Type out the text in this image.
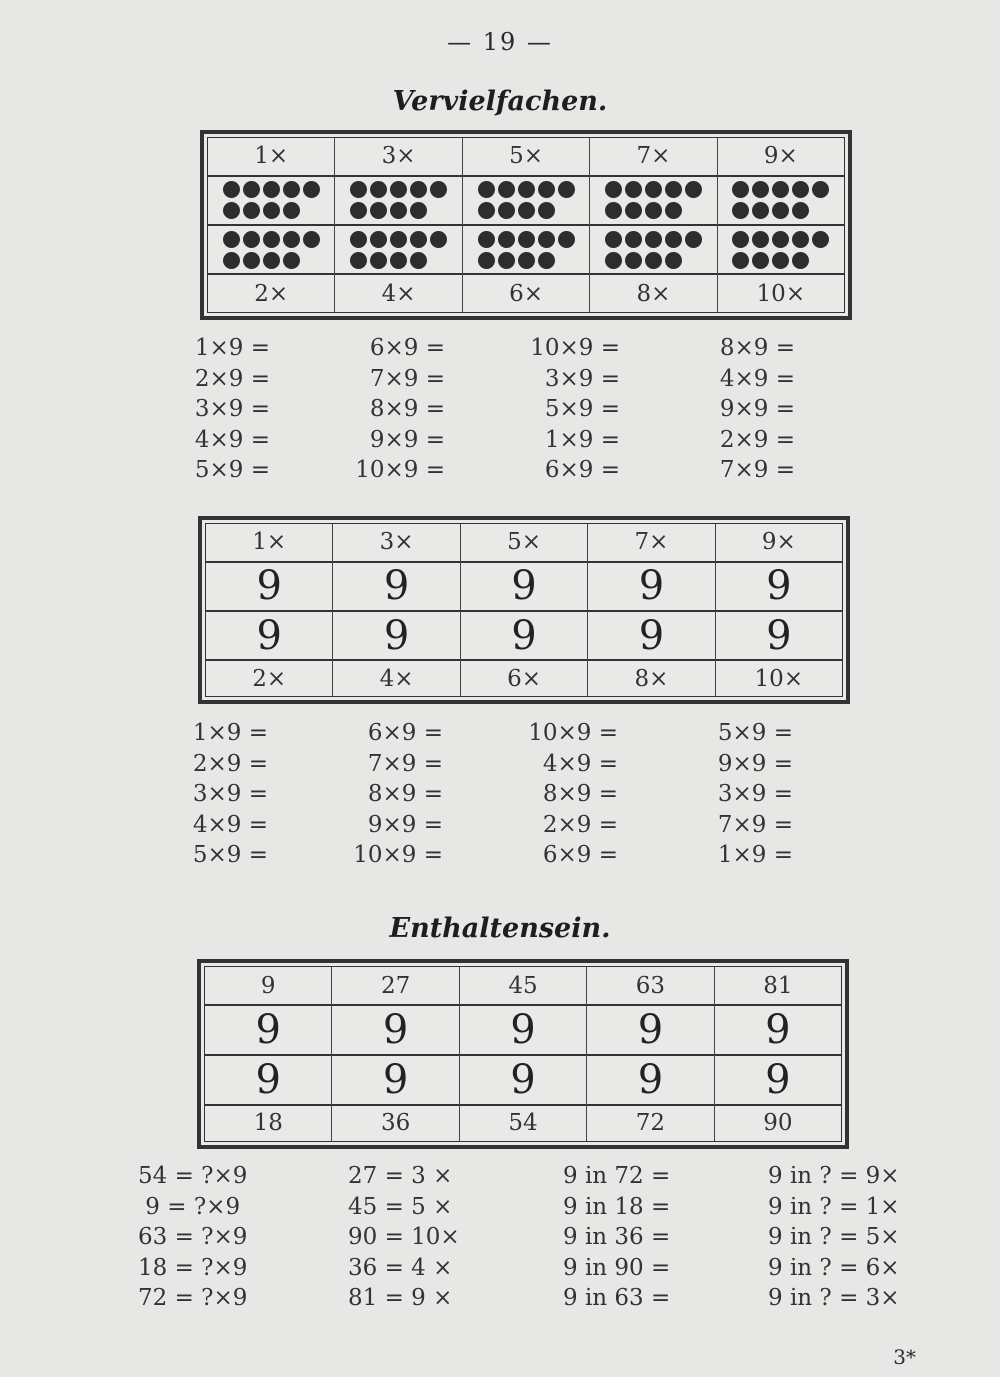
— 19 —
Vervielfachen.
1×
2×	$\frac{3\times}{4\times} \frac{5\times}{6\times} \frac{7\times}{8\times} \frac{9\times}{10\times}$
1×9 =
2×9 =
3×9 =
4×9 =
5×9 =
6×9 =
7×9 =
8×9 =
9×9 =
10×9 =
10×9 =
3×9 =
5×9 =
1×9 =
6×9 =
8×9 =
4×9 =
9×9 =
2×9 =
7×9 =
1×
9
9
2×
3×
9
9
4×
5×
9
9
6×
7×
9
9
8×
9×
9
9
10×
1×9 =
2×9 =
3×9 =
4×9 =
5×9 =
6×9 =
7×9 =
8×9 =
9×9 =
10×9 =
10×9 =
4×9 =
8×9 =
2×9 =
6×9 =
5×9 =
9×9 =
3×9 =
7×9 =
1×9 =
Enthaltensein.
9
9
9
18
27
9
9
36
45
9
9
54
63
9
9
72
81
9
9
90
54 = ?×9
9 = ?×9
63 = ?×9
18 = ?×9
72 = ?×9
27 = 3 ×
45 = 5 ×
90 = 10×
36 = 4 ×
81 = 9 ×
9 in 72 =
9 in 18 =
9 in 36 =
9 in 90 =
9 in 63 =
9 in ? = 9×
9 in ? = 1×
9 in ? = 5×
9 in ? = 6×
9 in ? = 3×
3*
